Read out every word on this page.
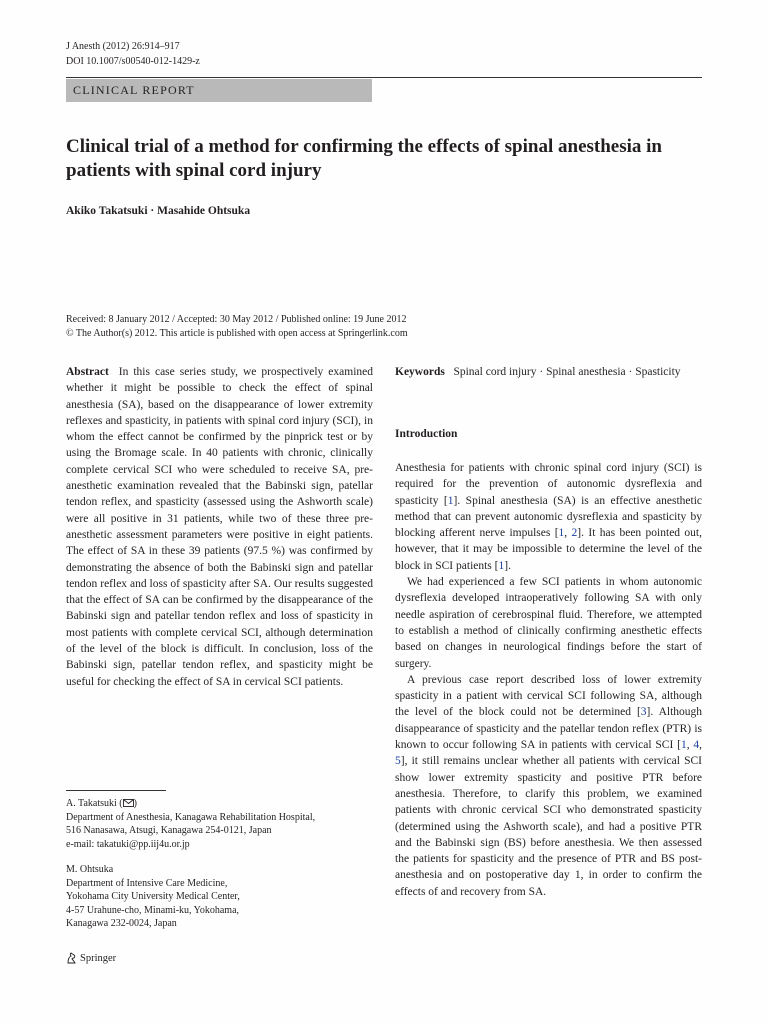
J Anesth (2012) 26:914–917
DOI 10.1007/s00540-012-1429-z
CLINICAL REPORT
Clinical trial of a method for confirming the effects of spinal anesthesia in patients with spinal cord injury
Akiko Takatsuki · Masahide Ohtsuka
Received: 8 January 2012 / Accepted: 30 May 2012 / Published online: 19 June 2012
© The Author(s) 2012. This article is published with open access at Springerlink.com

Abstract In this case series study, we prospectively examined whether it might be possible to check the effect of spinal anesthesia (SA), based on the disappearance of lower extremity reflexes and spasticity, in patients with spinal cord injury (SCI), in whom the effect cannot be confirmed by the pinprick test or by using the Bromage scale. In 40 patients with chronic, clinically complete cervical SCI who were scheduled to receive SA, pre-anesthetic examination revealed that the Babinski sign, patellar tendon reflex, and spasticity (assessed using the Ashworth scale) were all positive in 31 patients, while two of these three pre-anesthetic assessment parameters were positive in eight patients. The effect of SA in these 39 patients (97.5 %) was confirmed by demonstrating the absence of both the Babinski sign and patellar tendon reflex and loss of spasticity after SA. Our results suggested that the effect of SA can be confirmed by the disappearance of the Babinski sign and patellar tendon reflex and loss of spasticity in most patients with complete cervical SCI, although determination of the level of the block is difficult. In conclusion, loss of the Babinski sign, patellar tendon reflex, and spasticity might be useful for checking the effect of SA in cervical SCI patients.

A. Takatsuki ( )
Department of Anesthesia, Kanagawa Rehabilitation Hospital,
516 Nanasawa, Atsugi, Kanagawa 254-0121, Japan
e-mail: takatuki@pp.iij4u.or.jp
M. Ohtsuka
Department of Intensive Care Medicine,
Yokohama City University Medical Center,
4-57 Urahune-cho, Minami-ku, Yokohama,
Kanagawa 232-0024, Japan
Springer

Keywords Spinal cord injury · Spinal anesthesia · Spasticity

Introduction

Anesthesia for patients with chronic spinal cord injury (SCI) is required for the prevention of autonomic dysreflexia and spasticity [1]. Spinal anesthesia (SA) is an effective anesthetic method that can prevent autonomic dysreflexia and spasticity by blocking afferent nerve impulses [1, 2]. It has been pointed out, however, that it may be impossible to determine the level of the block in SCI patients [1].

We had experienced a few SCI patients in whom autonomic dysreflexia developed intraoperatively following SA with only needle aspiration of cerebrospinal fluid. Therefore, we attempted to establish a method of clinically confirming anesthetic effects based on changes in neurological findings before the start of surgery.

A previous case report described loss of lower extremity spasticity in a patient with cervical SCI following SA, although the level of the block could not be determined [3]. Although disappearance of spasticity and the patellar tendon reflex (PTR) is known to occur following SA in patients with cervical SCI [1, 4, 5], it still remains unclear whether all patients with cervical SCI show lower extremity spasticity and positive PTR before anesthesia. Therefore, to clarify this problem, we examined patients with chronic cervical SCI who demonstrated spasticity (determined using the Ashworth scale), and had a positive PTR and the Babinski sign (BS) before anesthesia. We then assessed the patients for spasticity and the presence of PTR and BS post-anesthesia and on postoperative day 1, in order to confirm the effects of and recovery from SA.
